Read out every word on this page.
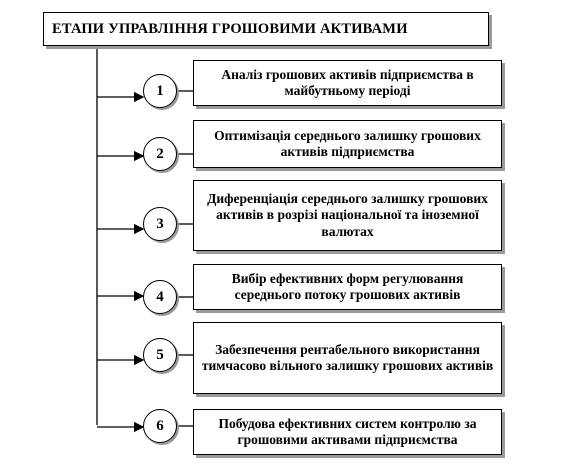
ЕТАПИ УПРАВЛІННЯ ГРОШОВИМИ АКТИВАМИ
1
Аналіз грошових активів підприємства в майбутньому періоді
2
Оптимізація середнього залишку грошових активів підприємства
3
Диференціація середнього залишку грошових активів в розрізі національної та іноземної валютах
4
Вибір ефективних форм регулювання середнього потоку грошових активів
5	Забезпечення рентабельного використання тимчасово вільного залишку грошових активів
6	Побудова ефективних систем контролю за грошовими активами підприємства
